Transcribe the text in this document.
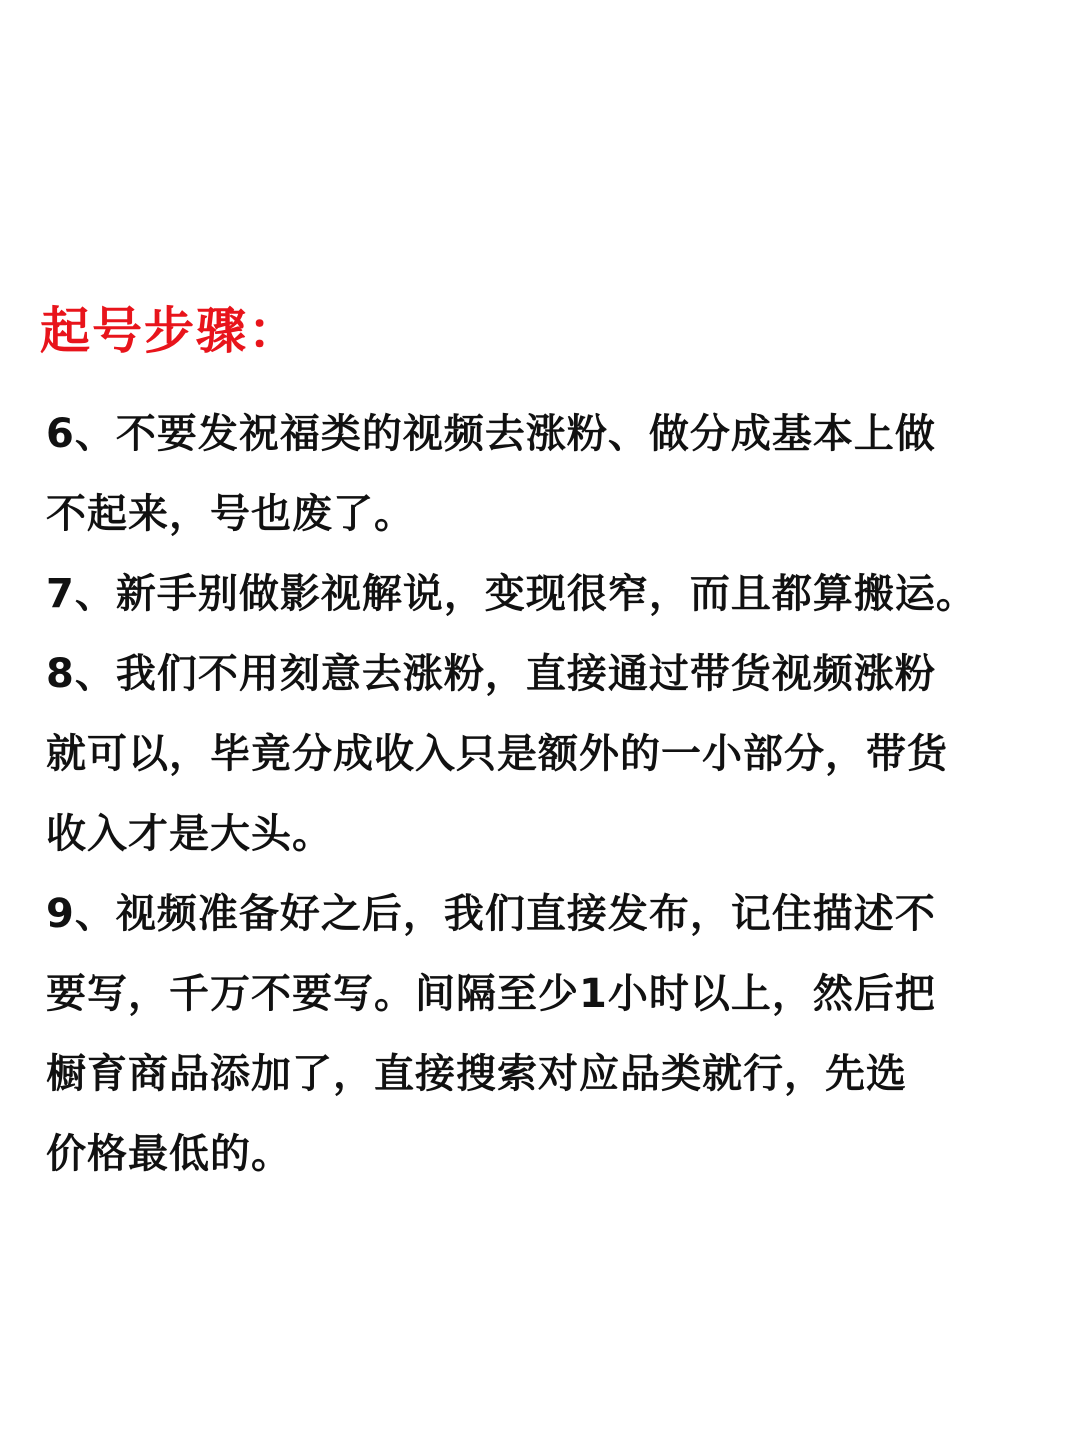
起号步骤：

6、不要发祝福类的视频去涨粉、做分成基本上做
不起来，号也废了。

7、新手别做影视解说，变现很窄，而且都算搬运。

8、我们不用刻意去涨粉，直接通过带货视频涨粉
就可以，毕竟分成收入只是额外的一小部分，带货
收入才是大头。

9、视频准备好之后，我们直接发布，记住描述不
要写，千万不要写。间隔至少1小时以上，然后把
橱育商品添加了，直接搜索对应品类就行，先选
价格最低的。
